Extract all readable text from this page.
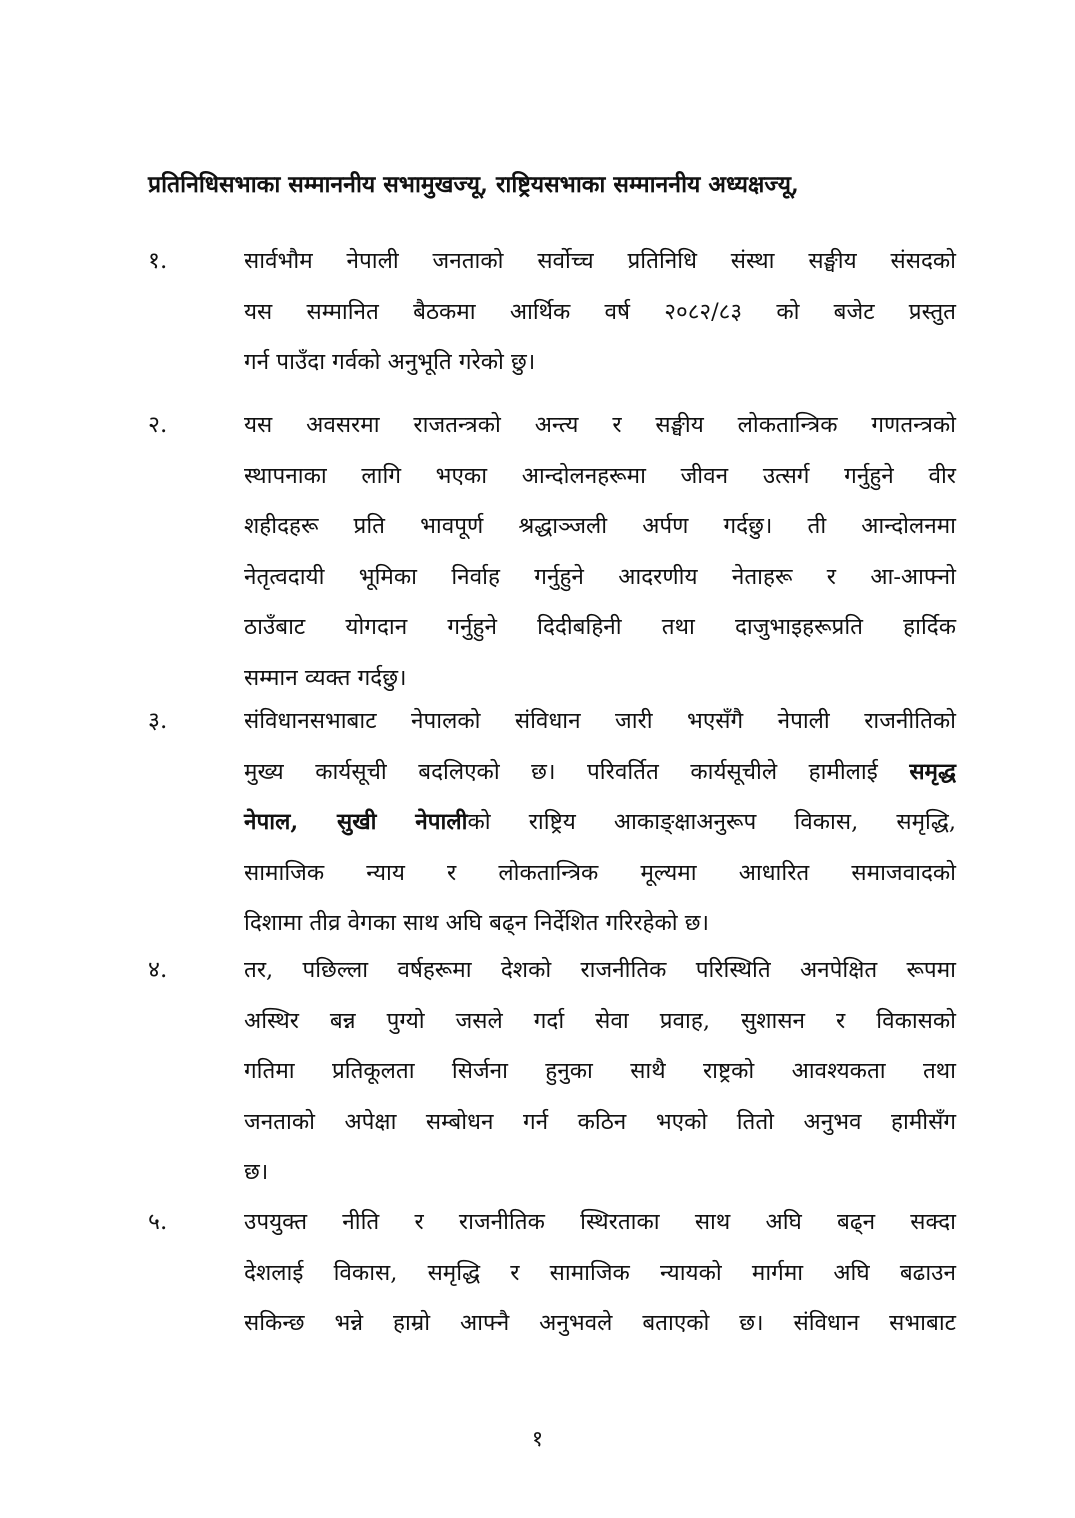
प्रतिनिधिसभाका सम्माननीय सभामुखज्यू, राष्ट्रियसभाका सम्माननीय अध्यक्षज्यू,
१.	सार्वभौम नेपाली जनताको सर्वोच्च प्रतिनिधि संस्था सङ्घीय संसदको
यस सम्मानित बैठकमा आर्थिक वर्ष २०८२/८३ को बजेट प्रस्तुत
गर्न पाउँदा गर्वको अनुभूति गरेको छु।
२.	यस अवसरमा राजतन्त्रको अन्त्य र सङ्घीय लोकतान्त्रिक गणतन्त्रको
स्थापनाका लागि भएका आन्दोलनहरूमा जीवन उत्सर्ग गर्नुहुने वीर
शहीदहरू प्रति भावपूर्ण श्रद्धाञ्जली अर्पण गर्दछु। ती आन्दोलनमा
नेतृत्वदायी भूमिका निर्वाह गर्नुहुने आदरणीय नेताहरू र आ-आफ्नो
ठाउँबाट योगदान गर्नुहुने दिदीबहिनी तथा दाजुभाइहरूप्रति हार्दिक
सम्मान व्यक्त गर्दछु।
३.	संविधानसभाबाट नेपालको संविधान जारी भएसँगै नेपाली राजनीतिको
मुख्य कार्यसूची बदलिएको छ। परिवर्तित कार्यसूचीले हामीलाई समृद्ध
नेपाल, सुखी नेपालीको राष्ट्रिय आकाङ्क्षाअनुरूप विकास, समृद्धि,
सामाजिक न्याय र लोकतान्त्रिक मूल्यमा आधारित समाजवादको
दिशामा तीव्र वेगका साथ अघि बढ्न निर्देशित गरिरहेको छ।
४.	तर, पछिल्ला वर्षहरूमा देशको राजनीतिक परिस्थिति अनपेक्षित रूपमा
अस्थिर बन्न पुग्यो जसले गर्दा सेवा प्रवाह, सुशासन र विकासको
गतिमा प्रतिकूलता सिर्जना हुनुका साथै राष्ट्रको आवश्यकता तथा
जनताको अपेक्षा सम्बोधन गर्न कठिन भएको तितो अनुभव हामीसँग
छ।
५.	उपयुक्त नीति र राजनीतिक स्थिरताका साथ अघि बढ्न सक्दा
देशलाई विकास, समृद्धि र सामाजिक न्यायको मार्गमा अघि बढाउन
सकिन्छ भन्ने हाम्रो आफ्नै अनुभवले बताएको छ। संविधान सभाबाट
१
